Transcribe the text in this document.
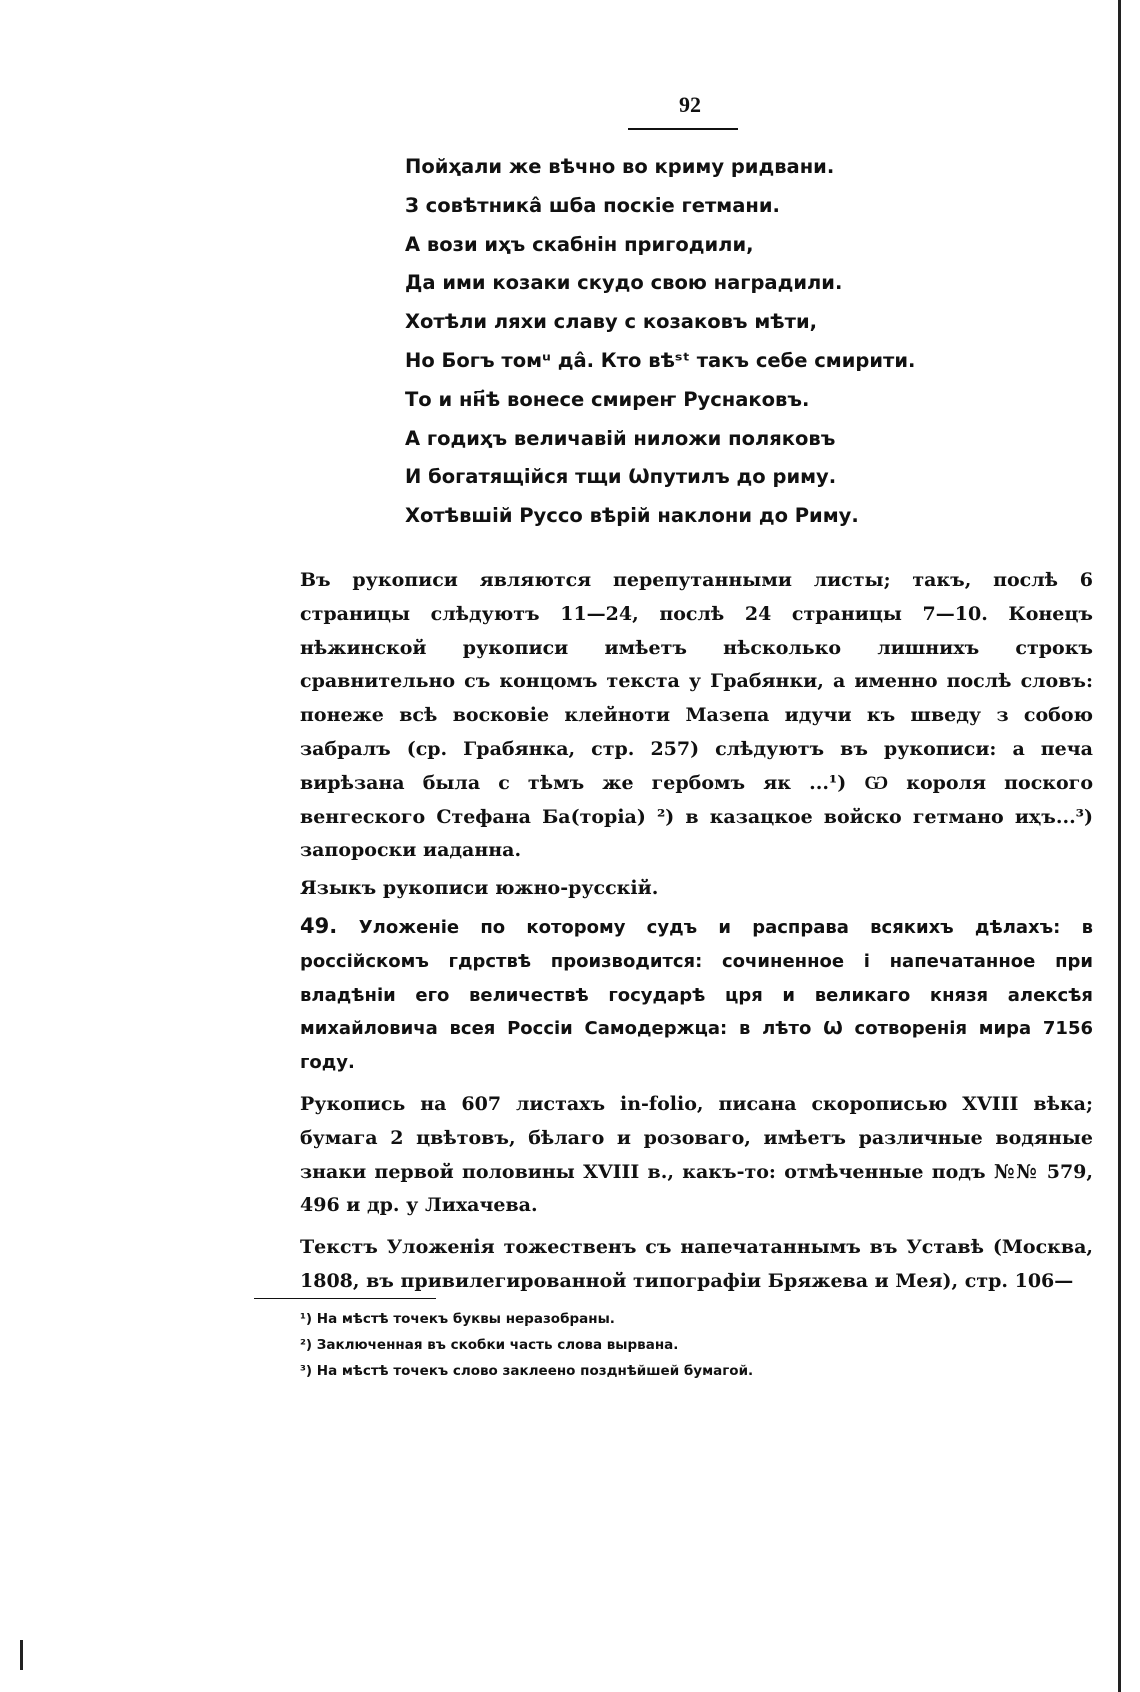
92
Пойҳали же вѣчно во криму ридвани.
З совѣтника̂ шба поскіе гетмани.
А вози иҳъ скабнін пригодили,
Да ими козаки скудо свою наградили.
Хотѣли ляхи славу с козаковъ мѣти,
Но Богъ томᵘ да̂. Кто вѣˢᵗ такъ себе смирити.
То и нн҃ѣ вонесе смиреҥ Руснаковъ.
А годиҳъ величавій ниложи поляковъ
И богатящійся тщи Ѡпутилъ до риму.
Хотѣвшій Руссо вѣрій наклони до Риму.

Въ рукописи являются перепутанными листы; такъ, послѣ 6 страницы слѣдуютъ 11—24, послѣ 24 страницы 7—10. Конецъ нѣжинской рукописи имѣетъ нѣсколько лишнихъ строкъ сравнительно съ концомъ текста у Грабянки, а именно послѣ словъ: понеже всѣ восковіе клейноти Мазепа идучи къ шведу з собою забралъ (ср. Грабянка, стр. 257) слѣдуютъ въ рукописи: а печа вирѣзана была с тѣмъ же гербомъ як ...¹) Ѡ короля поского венгеского Стефана Ба(торіа) ²) в казацкое войско гетмано иҳъ...³) запороски иаданна.

Языкъ рукописи южно-русскій.

49. Уложеніе по которому судъ и расправа всякихъ дѣлахъ: в россійскомъ гдрствѣ производится: сочиненное і напечатанное при владѣніи его величествѣ государѣ цря и великаго князя алексѣя михайловича всея Россіи Самодержца: в лѣто Ѡ сотворенія мира 7156 году.

Рукопись на 607 листахъ in-folio, писана скорописью XVIII вѣка; бумага 2 цвѣтовъ, бѣлаго и розоваго, имѣетъ различные водяные знаки первой половины XVIII в., какъ-то: отмѣченные подъ №№ 579, 496 и др. у Лихачева.

Текстъ Уложенія тожественъ съ напечатаннымъ въ Уставѣ (Москва, 1808, въ привилегированной типографіи Бряжева и Мея), стр. 106—

¹) На мѣстѣ точекъ буквы неразобраны.
²) Заключенная въ скобки часть слова вырвана.
³) На мѣстѣ точекъ слово заклеено позднѣйшей бумагой.
